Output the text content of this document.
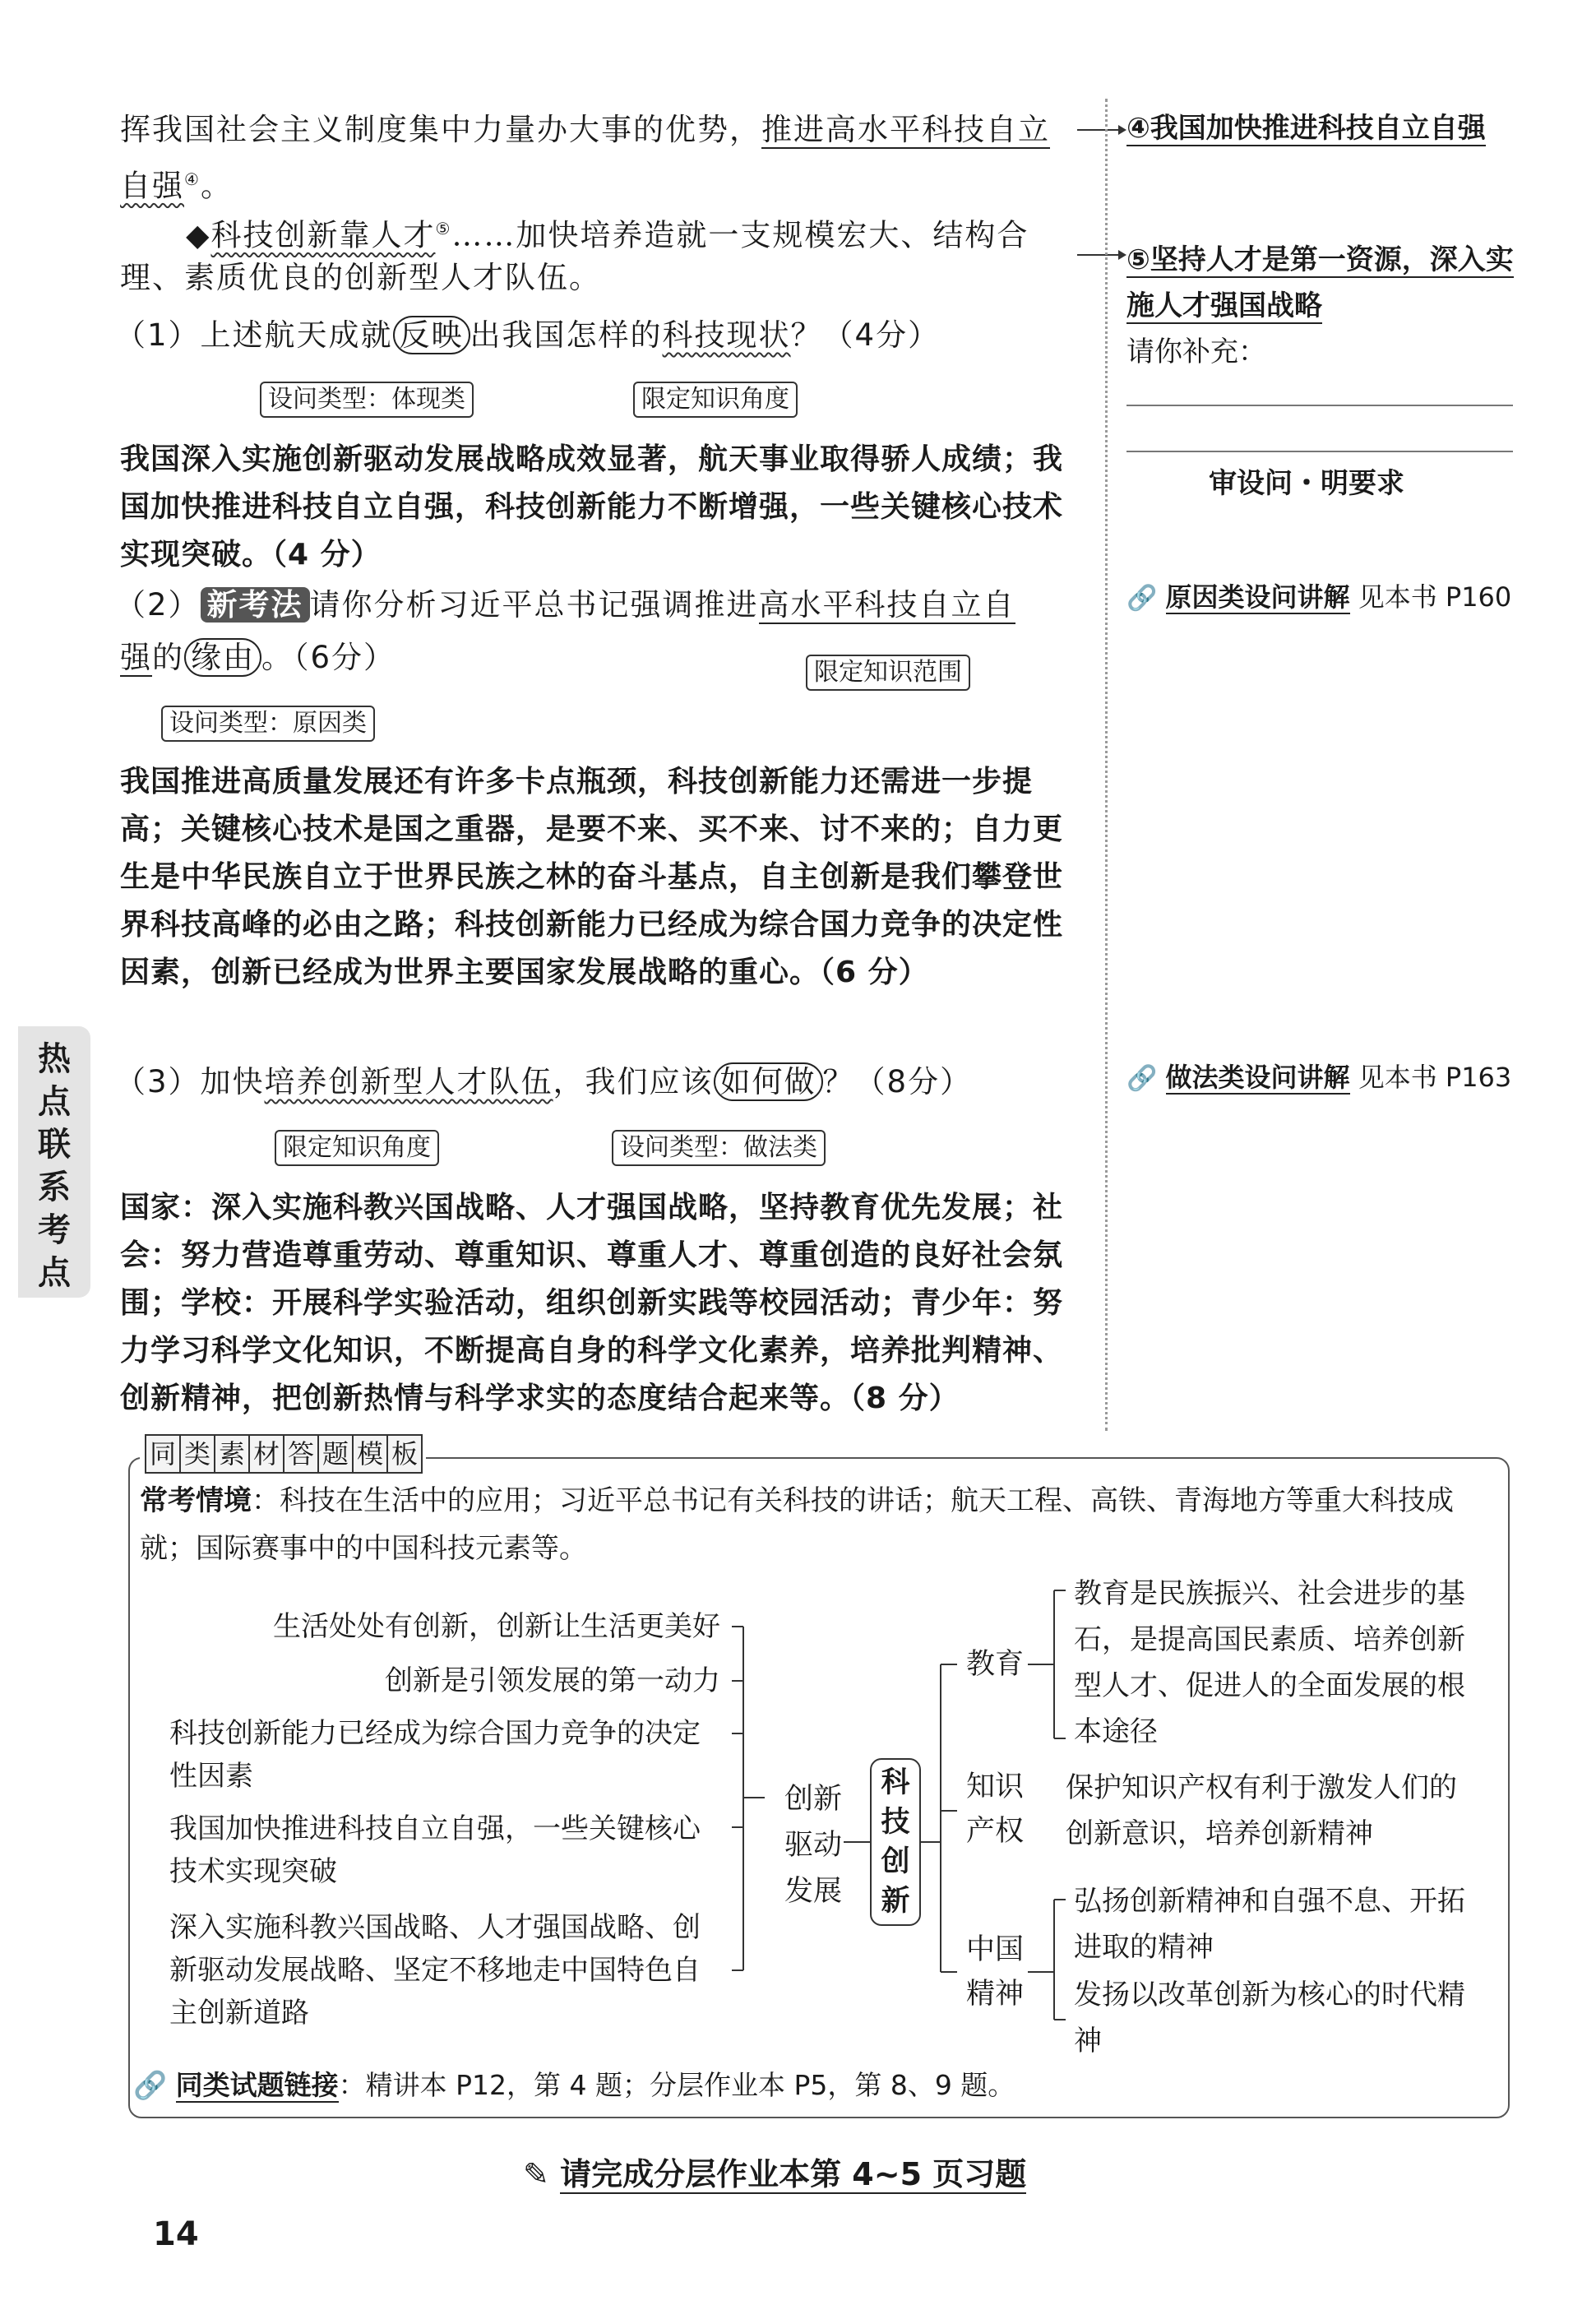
挥我国社会主义制度集中力量办大事的优势，推进高水平科技自立
自强④。
◆科技创新靠人才⑤……加快培养造就一支规模宏大、结构合
理、素质优良的创新型人才队伍。
（1）上述航天成就 反映 出我国怎样的科技现状？（4分）
设问类型：体现类	限定知识角度
我国深入实施创新驱动发展战略成效显著，航天事业取得骄人成绩；我国加快推进科技自立自强，科技创新能力不断增强，一些关键核心技术实现突破。（4 分）
（2） 新考法 请你分析习近平总书记强调推进高水平科技自立自
强的 缘由 。（6分）	限定知识范围
设问类型：原因类
我国推进高质量发展还有许多卡点瓶颈，科技创新能力还需进一步提高；关键核心技术是国之重器，是要不来、买不来、讨不来的；自力更生是中华民族自立于世界民族之林的奋斗基点，自主创新是我们攀登世界科技高峰的必由之路；科技创新能力已经成为综合国力竞争的决定性因素，创新已经成为世界主要国家发展战略的重心。（6 分）
（3）加快培养创新型人才队伍，我们应该 如何做 ？（8分）
限定知识角度	设问类型：做法类
国家：深入实施科教兴国战略、人才强国战略，坚持教育优先发展；社会：努力营造尊重劳动、尊重知识、尊重人才、尊重创造的良好社会氛围；学校：开展科学实验活动，组织创新实践等校园活动；青少年：努力学习科学文化知识，不断提高自身的科学文化素养，培养批判精神、创新精神，把创新热情与科学求实的态度结合起来等。（8 分）
④我国加快推进科技自立自强
⑤坚持人才是第一资源，深入实
施人才强国战略
请你补充：
审设问・明要求
🔗 原因类设问讲解 见本书 P160
🔗 做法类设问讲解 见本书 P163
热
点
联
系
考
点
同 类 素 材 答 题 模 板
常考情境：科技在生活中的应用；习近平总书记有关科技的讲话；航天工程、高铁、青海地方等重大科技成就；国际赛事中的中国科技元素等。
生活处处有创新，创新让生活更美好
创新是引领发展的第一动力
科技创新能力已经成为综合国力竞争的决定性因素
我国加快推进科技自立自强，一些关键核心技术实现突破
深入实施科教兴国战略、人才强国战略、创新驱动发展战略、坚定不移地走中国特色自主创新道路
创新
驱动
发展
科
技
创
新
教育
知识产权
中国精神
教育是民族振兴、社会进步的基石，是提高国民素质、培养创新型人才、促进人的全面发展的根本途径
保护知识产权有利于激发人们的创新意识，培养创新精神
弘扬创新精神和自强不息、开拓进取的精神
发扬以改革创新为核心的时代精神
🔗 同类试题链接：精讲本 P12，第 4 题；分层作业本 P5，第 8、9 题。
✎ 请完成分层作业本第 4~5 页习题
14
